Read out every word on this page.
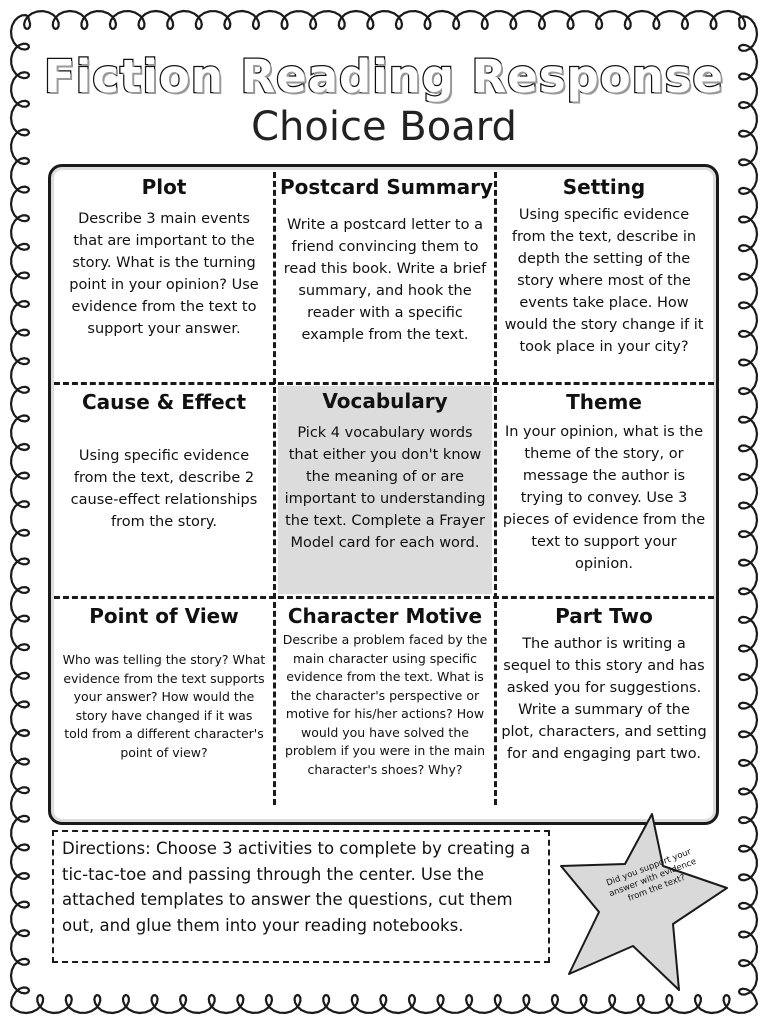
Fiction Reading Response
Choice Board
Plot

Describe 3 main events that are important to the story. What is the turning point in your opinion? Use evidence from the text to support your answer.

Postcard Summary

Write a postcard letter to a friend convincing them to read this book. Write a brief summary, and hook the reader with a specific example from the text.

Setting

Using specific evidence from the text, describe in depth the setting of the story where most of the events take place. How would the story change if it took place in your city?

Cause & Effect

Using specific evidence from the text, describe 2 cause-effect relationships from the story.

Vocabulary

Pick 4 vocabulary words that either you don't know the meaning of or are important to understanding the text. Complete a Frayer Model card for each word.

Theme

In your opinion, what is the theme of the story, or message the author is trying to convey. Use 3 pieces of evidence from the text to support your opinion.

Point of View

Who was telling the story? What evidence from the text supports your answer? How would the story have changed if it was told from a different character's point of view?

Character Motive

Describe a problem faced by the main character using specific evidence from the text. What is the character's perspective or motive for his/her actions? How would you have solved the problem if you were in the main character's shoes? Why?

Part Two

The author is writing a sequel to this story and has asked you for suggestions. Write a summary of the plot, characters, and setting for and engaging part two.

Directions: Choose 3 activities to complete by creating a tic-tac-toe and passing through the center. Use the attached templates to answer the questions, cut them out, and glue them into your reading notebooks.

Did you support your answer with evidence from the text?
